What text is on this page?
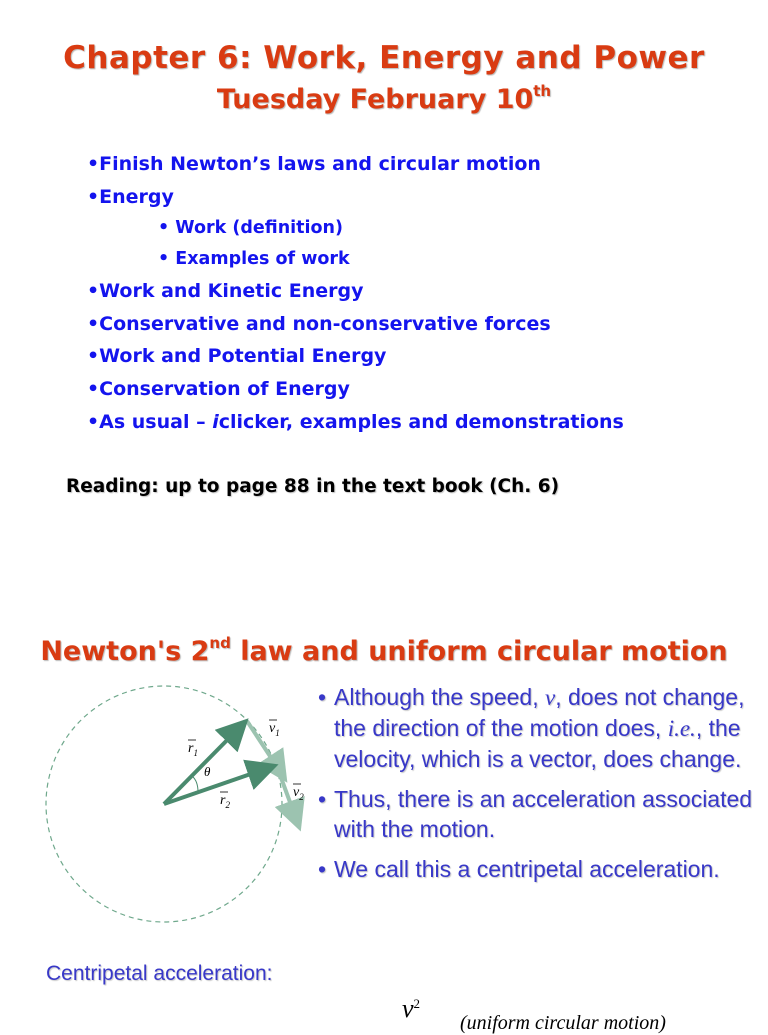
Chapter 6: Work, Energy and Power
Tuesday February 10th
•Finish Newton’s laws and circular motion
•Energy
• Work (definition)
• Examples of work
•Work and Kinetic Energy
•Conservative and non-conservative forces
•Work and Potential Energy
•Conservation of Energy
•As usual – iclicker, examples and demonstrations
Reading: up to page 88 in the text book (Ch. 6)
Newton's 2nd law and uniform circular motion
θ
$r_1$
$r_2$
$v_1$
$v_2$
• Although the speed, v, does not change, the direction of the motion does, i.e., the velocity, which is a vector, does change.
• Thus, there is an acceleration associated with the motion.
• We call this a centripetal acceleration.
Centripetal acceleration:
$v^2$
(uniform circular motion)
